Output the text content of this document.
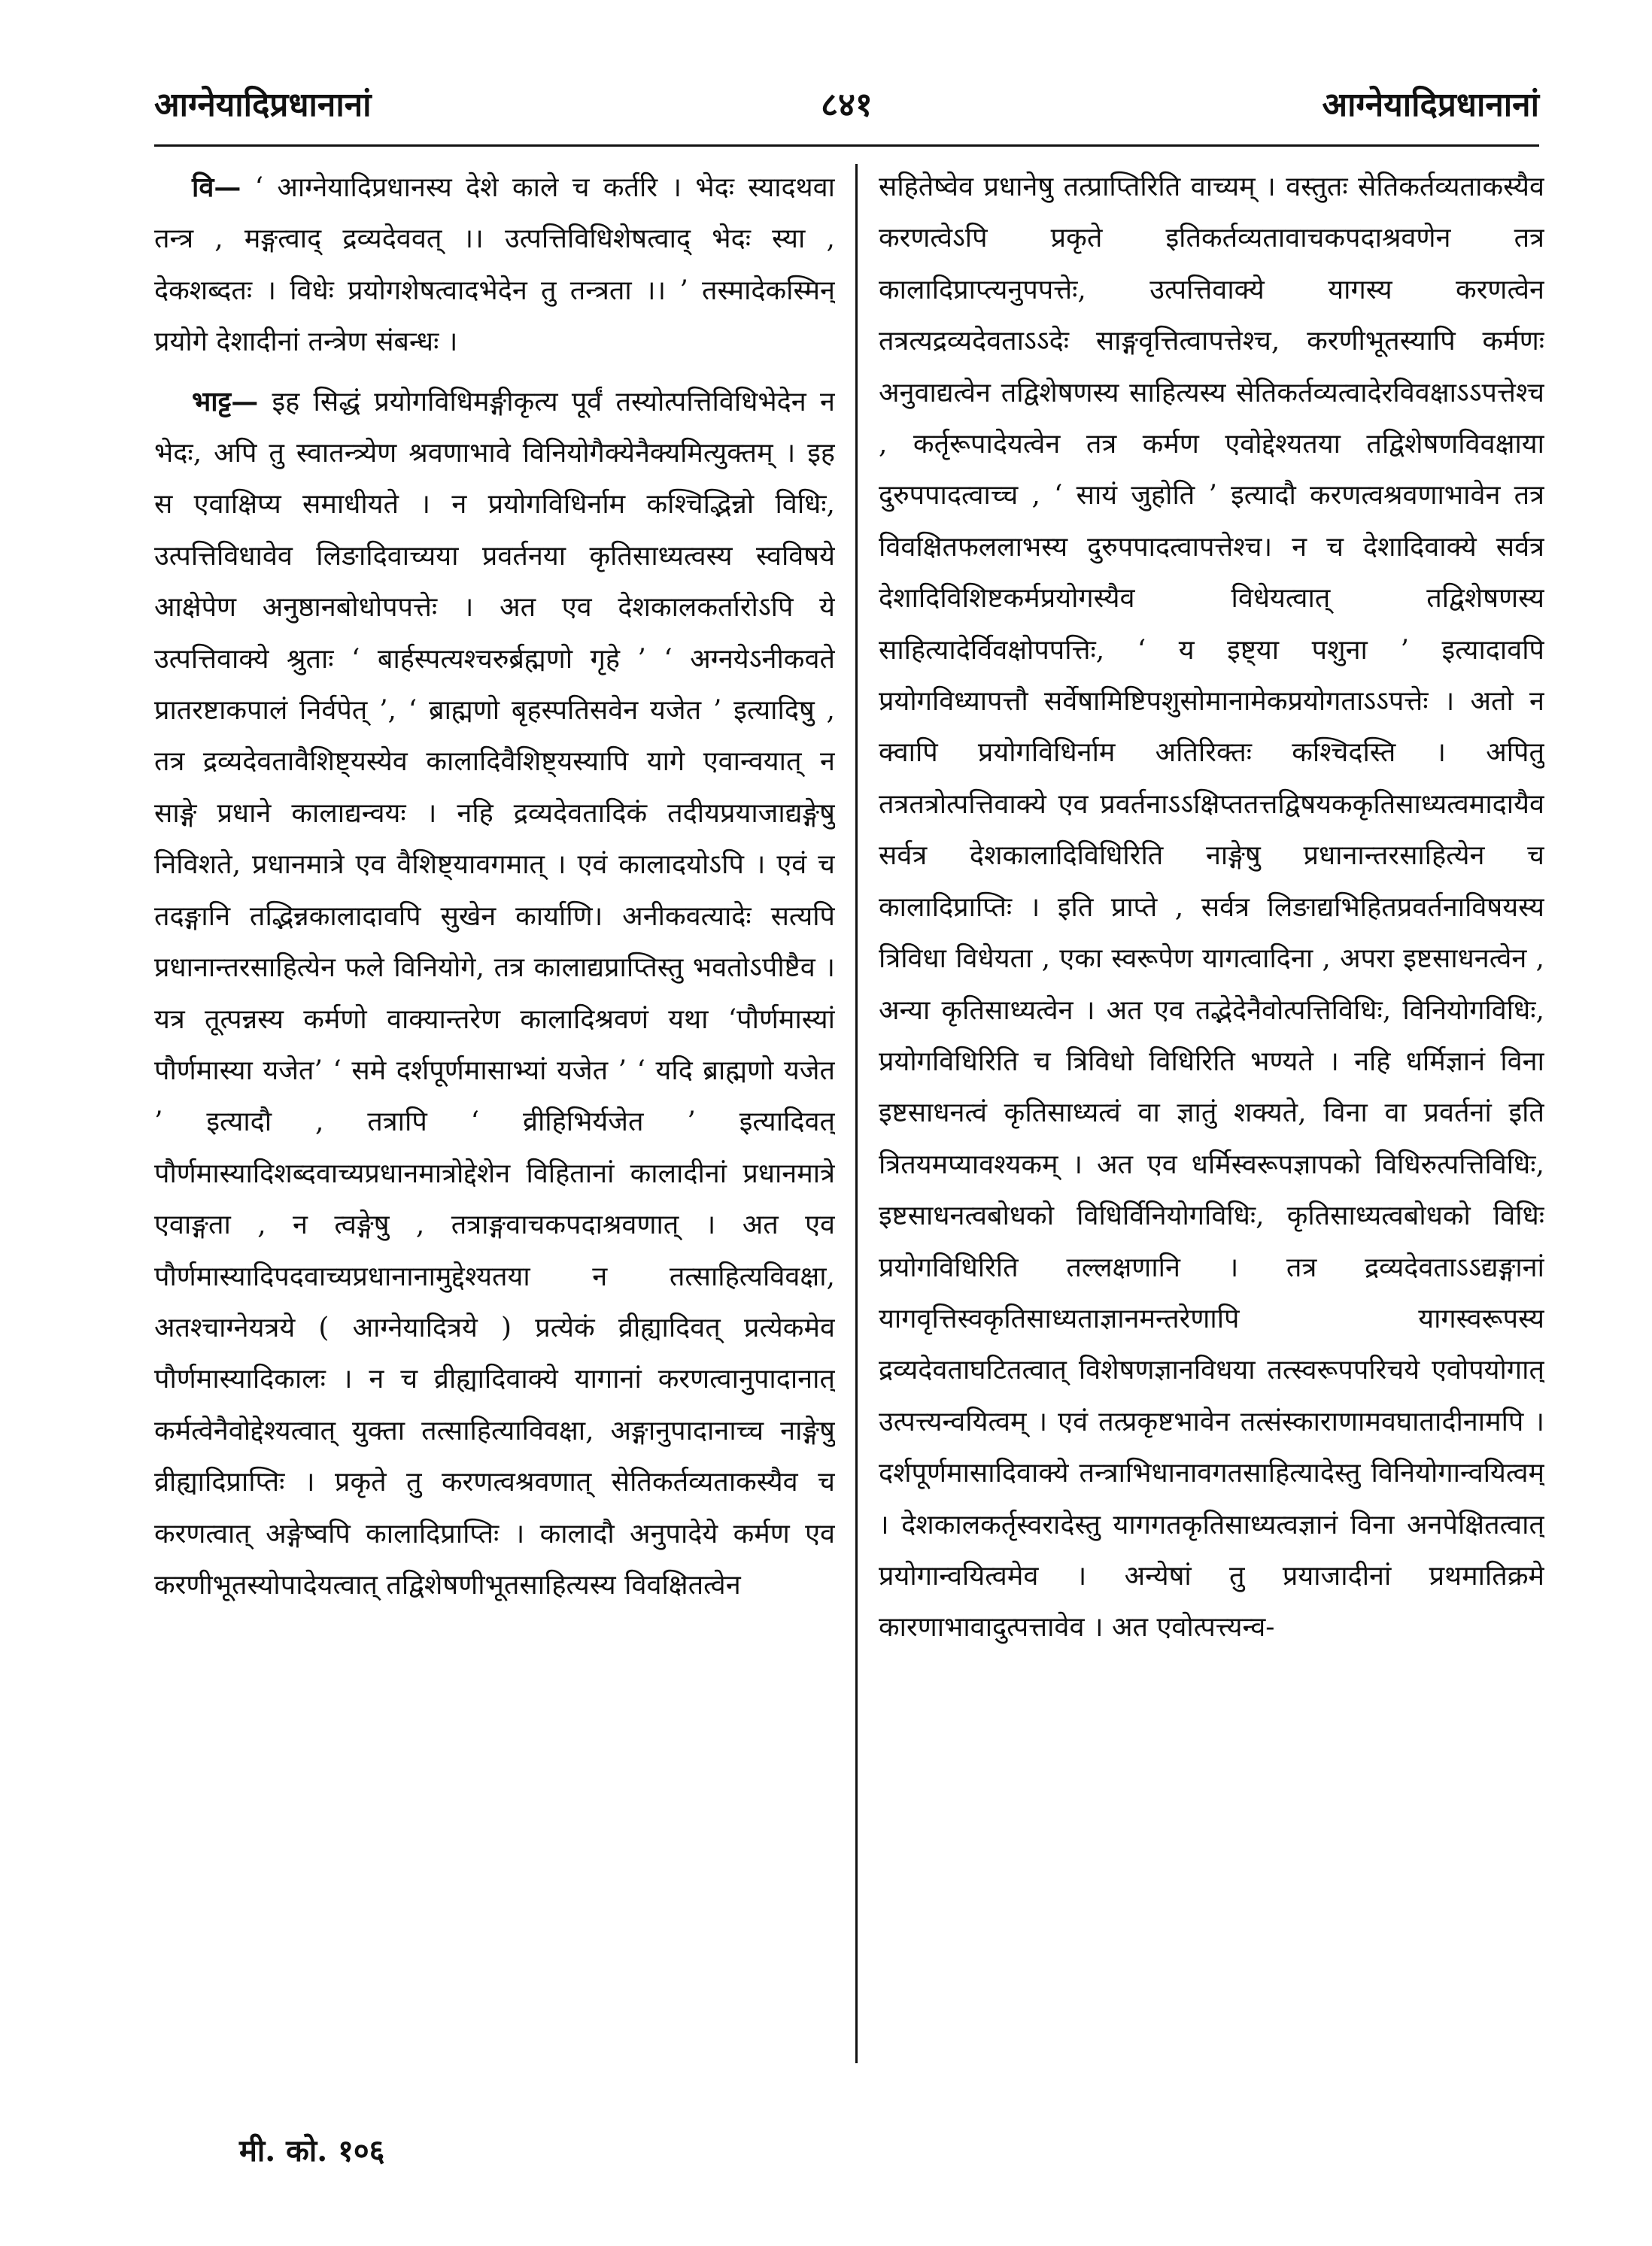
आग्नेयादिप्रधानानां	८४१	आग्नेयादिप्रधानानां

वि— ‘ आग्नेयादिप्रधानस्य देशे काले च कर्तरि । भेदः स्यादथवा तन्त्र , मङ्गत्वाद् द्रव्यदेववत् ।। उत्पत्तिविधिशेषत्वाद् भेदः स्या , देकशब्दतः । विधेः प्रयोगशेषत्वादभेदेन तु तन्त्रता ।। ’ तस्मादेकस्मिन् प्रयोगे देशादीनां तन्त्रेण संबन्धः ।

भाट्ट— इह सिद्धं प्रयोगविधिमङ्गीकृत्य पूर्वं तस्योत्पत्तिविधिभेदेन न भेदः, अपि तु स्वातन्त्र्येण श्रवणाभावे विनियोगैक्येनैक्यमित्युक्तम् । इह स एवाक्षिप्य समाधीयते । न प्रयोगविधिर्नाम कश्चिद्भिन्नो विधिः, उत्पत्तिविधावेव लिङादिवाच्यया प्रवर्तनया कृतिसाध्यत्वस्य स्वविषये आक्षेपेण अनुष्ठानबोधोपपत्तेः । अत एव देशकालकर्तारोऽपि ये उत्पत्तिवाक्ये श्रुताः ‘ बार्हस्पत्यश्चरुर्ब्रह्मणो गृहे ’ ‘ अग्नयेऽनीकवते प्रातरष्टाकपालं निर्वपेत् ’, ‘ ब्राह्मणो बृहस्पतिसवेन यजेत ’ इत्यादिषु , तत्र द्रव्यदेवतावैशिष्ट्यस्येव कालादिवैशिष्ट्यस्यापि यागे एवान्वयात् न साङ्गे प्रधाने कालाद्यन्वयः । नहि द्रव्यदेवतादिकं तदीयप्रयाजाद्यङ्गेषु निविशते, प्रधानमात्रे एव वैशिष्ट्यावगमात् । एवं कालादयोऽपि । एवं च तदङ्गानि तद्भिन्नकालादावपि सुखेन कार्याणि। अनीकवत्यादेः सत्यपि प्रधानान्तरसाहित्येन फले विनियोगे, तत्र कालाद्यप्राप्तिस्तु भवतोऽपीष्टैव । यत्र तूत्पन्नस्य कर्मणो वाक्यान्तरेण कालादिश्रवणं यथा ‘पौर्णमास्यां पौर्णमास्या यजेत’ ‘ समे दर्शपूर्णमासाभ्यां यजेत ’ ‘ यदि ब्राह्मणो यजेत ’ इत्यादौ , तत्रापि ‘ व्रीहिभिर्यजेत ’ इत्यादिवत् पौर्णमास्यादिशब्दवाच्यप्रधानमात्रोद्देशेन विहितानां कालादीनां प्रधानमात्रे एवाङ्गता , न त्वङ्गेषु , तत्राङ्गवाचकपदाश्रवणात् । अत एव पौर्णमास्यादिपदवाच्यप्रधानानामुद्देश्यतया न तत्साहित्यविवक्षा, अतश्चाग्नेयत्रये ( आग्नेयादित्रये ) प्रत्येकं व्रीह्यादिवत् प्रत्येकमेव पौर्णमास्यादिकालः । न च व्रीह्यादिवाक्ये यागानां करणत्वानुपादानात् कर्मत्वेनैवोद्देश्यत्वात् युक्ता तत्साहित्याविवक्षा, अङ्गानुपादानाच्च नाङ्गेषु व्रीह्यादिप्राप्तिः । प्रकृते तु करणत्वश्रवणात् सेतिकर्तव्यताकस्यैव च करणत्वात् अङ्गेष्वपि कालादिप्राप्तिः । कालादौ अनुपादेये कर्मण एव करणीभूतस्योपादेयत्वात् तद्विशेषणीभूतसाहित्यस्य विवक्षितत्वेन

सहितेष्वेव प्रधानेषु तत्प्राप्तिरिति वाच्यम् । वस्तुतः सेतिकर्तव्यताकस्यैव करणत्वेऽपि प्रकृते इतिकर्तव्यतावाचकपदाश्रवणेन तत्र कालादिप्राप्त्यनुपपत्तेः, उत्पत्तिवाक्ये यागस्य करणत्वेन तत्रत्यद्रव्यदेवताऽऽदेः साङ्गवृत्तित्वापत्तेश्च, करणीभूतस्यापि कर्मणः अनुवाद्यत्वेन तद्विशेषणस्य साहित्यस्य सेतिकर्तव्यत्वादेरविवक्षाऽऽपत्तेश्च , कर्तृरूपादेयत्वेन तत्र कर्मण एवोद्देश्यतया तद्विशेषणविवक्षाया दुरुपपादत्वाच्च , ‘ सायं जुहोति ’ इत्यादौ करणत्वश्रवणाभावेन तत्र विवक्षितफललाभस्य दुरुपपादत्वापत्तेश्च। न च देशादिवाक्ये सर्वत्र देशादिविशिष्टकर्मप्रयोगस्यैव विधेयत्वात् तद्विशेषणस्य साहित्यादेर्विवक्षोपपत्तिः, ‘ य इष्ट्या पशुना ’ इत्यादावपि प्रयोगविध्यापत्तौ सर्वेषामिष्टिपशुसोमानामेकप्रयोगताऽऽपत्तेः । अतो न क्वापि प्रयोगविधिर्नाम अतिरिक्तः कश्चिदस्ति । अपितु तत्रतत्रोत्पत्तिवाक्ये एव प्रवर्तनाऽऽक्षिप्ततत्तद्विषयककृतिसाध्यत्वमादायैव सर्वत्र देशकालादिविधिरिति नाङ्गेषु प्रधानान्तरसाहित्येन च कालादिप्राप्तिः । इति प्राप्ते , सर्वत्र लिङाद्यभिहितप्रवर्तनाविषयस्य त्रिविधा विधेयता , एका स्वरूपेण यागत्वादिना , अपरा इष्टसाधनत्वेन , अन्या कृतिसाध्यत्वेन । अत एव तद्भेदेनैवोत्पत्तिविधिः, विनियोगविधिः, प्रयोगविधिरिति च त्रिविधो विधिरिति भण्यते । नहि धर्मिज्ञानं विना इष्टसाधनत्वं कृतिसाध्यत्वं वा ज्ञातुं शक्यते, विना वा प्रवर्तनां इति त्रितयमप्यावश्यकम् । अत एव धर्मिस्वरूपज्ञापको विधिरुत्पत्तिविधिः, इष्टसाधनत्वबोधको विधिर्विनियोगविधिः, कृतिसाध्यत्वबोधको विधिः प्रयोगविधिरिति तल्लक्षणानि । तत्र द्रव्यदेवताऽऽद्यङ्गानां यागवृत्तिस्वकृतिसाध्यताज्ञानमन्तरेणापि यागस्वरूपस्य द्रव्यदेवताघटितत्वात् विशेषणज्ञानविधया तत्स्वरूपपरिचये एवोपयोगात् उत्पत्त्यन्वयित्वम् । एवं तत्प्रकृष्टभावेन तत्संस्काराणामवघातादीनामपि । दर्शपूर्णमासादिवाक्ये तन्त्राभिधानावगतसाहित्यादेस्तु विनियोगान्वयित्वम् । देशकालकर्तृस्वरादेस्तु यागगतकृतिसाध्यत्वज्ञानं विना अनपेक्षितत्वात् प्रयोगान्वयित्वमेव । अन्येषां तु प्रयाजादीनां प्रथमातिक्रमे कारणाभावादुत्पत्तावेव । अत एवोत्पत्त्यन्व-

मी. को. १०६
